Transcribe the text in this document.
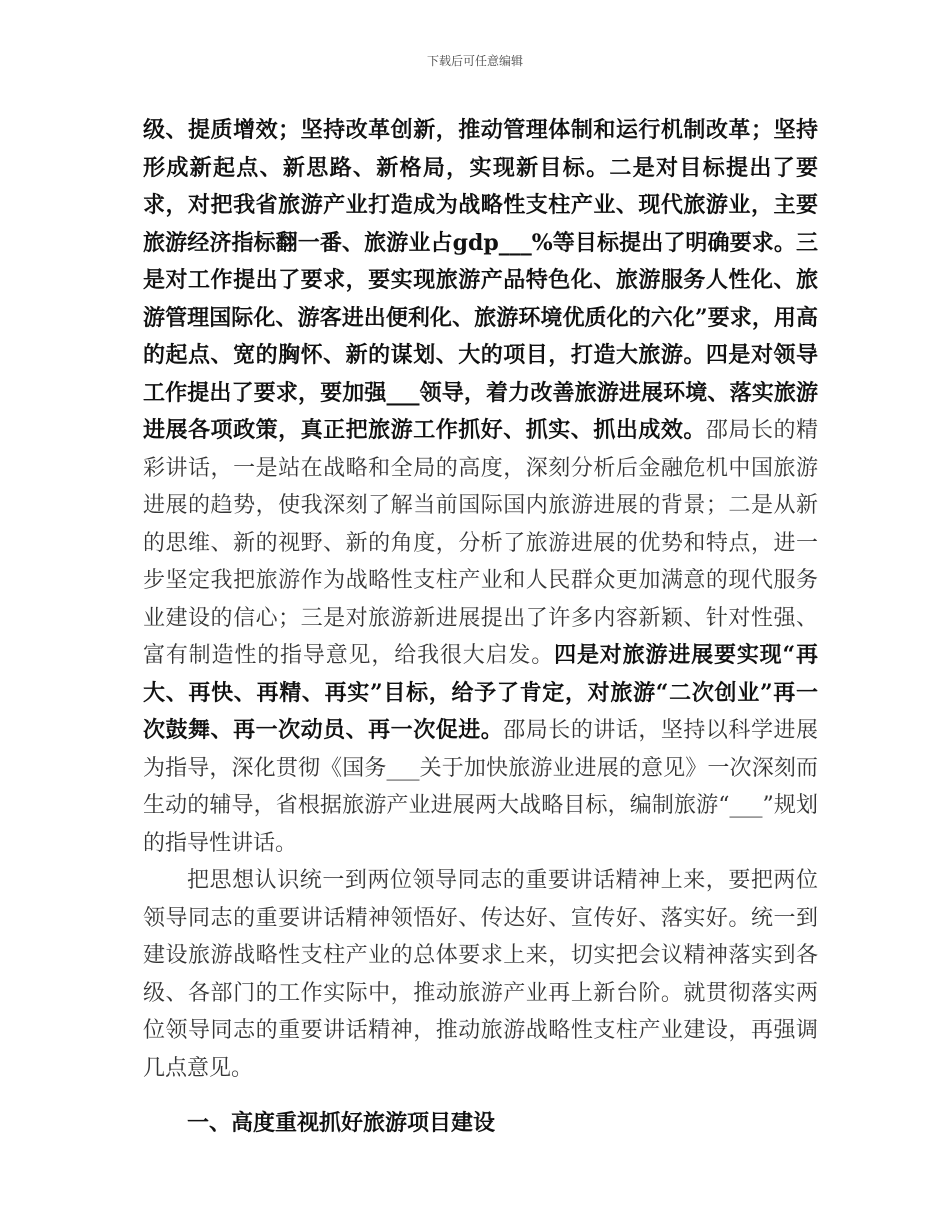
下载后可任意编辑

级、提质增效；坚持改革创新，推动管理体制和运行机制改革；坚持形成新起点、新思路、新格局，实现新目标。二是对目标提出了要求，对把我省旅游产业打造成为战略性支柱产业、现代旅游业，主要旅游经济指标翻一番、旅游业占gdp___%等目标提出了明确要求。三是对工作提出了要求，要实现旅游产品特色化、旅游服务人性化、旅游管理国际化、游客进出便利化、旅游环境优质化的六化”要求，用高的起点、宽的胸怀、新的谋划、大的项目，打造大旅游。四是对领导工作提出了要求，要加强___领导，着力改善旅游进展环境、落实旅游进展各项政策，真正把旅游工作抓好、抓实、抓出成效。邵局长的精彩讲话，一是站在战略和全局的高度，深刻分析后金融危机中国旅游进展的趋势，使我深刻了解当前国际国内旅游进展的背景；二是从新的思维、新的视野、新的角度，分析了旅游进展的优势和特点，进一步坚定我把旅游作为战略性支柱产业和人民群众更加满意的现代服务业建设的信心；三是对旅游新进展提出了许多内容新颖、针对性强、富有制造性的指导意见，给我很大启发。四是对旅游进展要实现“再大、再快、再精、再实”目标，给予了肯定，对旅游“二次创业”再一次鼓舞、再一次动员、再一次促进。邵局长的讲话，坚持以科学进展为指导，深化贯彻《国务___关于加快旅游业进展的意见》一次深刻而生动的辅导，省根据旅游产业进展两大战略目标，编制旅游“___”规划的指导性讲话。

把思想认识统一到两位领导同志的重要讲话精神上来，要把两位领导同志的重要讲话精神领悟好、传达好、宣传好、落实好。统一到建设旅游战略性支柱产业的总体要求上来，切实把会议精神落实到各级、各部门的工作实际中，推动旅游产业再上新台阶。就贯彻落实两位领导同志的重要讲话精神，推动旅游战略性支柱产业建设，再强调几点意见。

一、高度重视抓好旅游项目建设
